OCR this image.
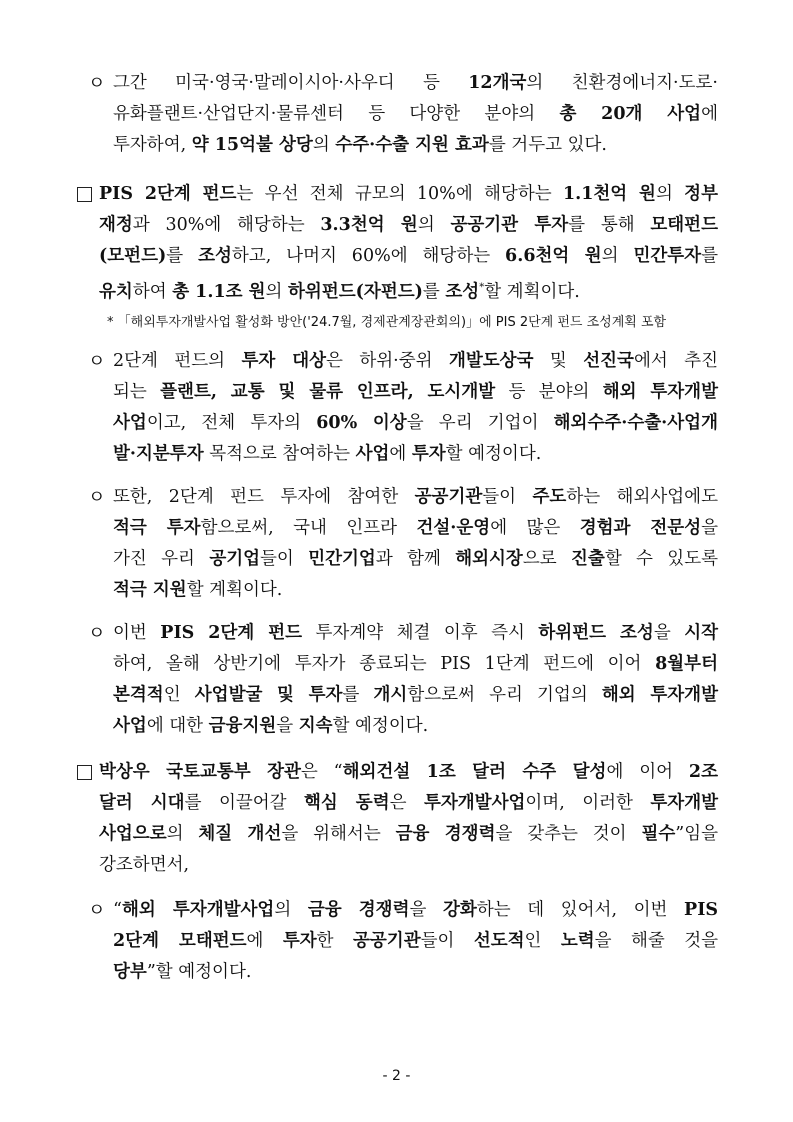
ㅇ 그간 미국·영국·말레이시아·사우디 등 12개국의 친환경에너지·도로·
유화플랜트·산업단지·물류센터 등 다양한 분야의 총 20개 사업에
투자하여, 약 15억불 상당의 수주·수출 지원 효과를 거두고 있다.
PIS 2단계 펀드는 우선 전체 규모의 10%에 해당하는 1.1천억 원의 정부
재정과 30%에 해당하는 3.3천억 원의 공공기관 투자를 통해 모태펀드
(모펀드)를 조성하고, 나머지 60%에 해당하는 6.6천억 원의 민간투자를
유치하여 총 1.1조 원의 하위펀드(자펀드)를 조성*할 계획이다.
* 「해외투자개발사업 활성화 방안('24.7월, 경제관계장관회의)」에 PIS 2단계 펀드 조성계획 포함
ㅇ 2단계 펀드의 투자 대상은 하위·중위 개발도상국 및 선진국에서 추진
되는 플랜트, 교통 및 물류 인프라, 도시개발 등 분야의 해외 투자개발
사업이고, 전체 투자의 60% 이상을 우리 기업이 해외수주·수출·사업개
발·지분투자 목적으로 참여하는 사업에 투자할 예정이다.
ㅇ 또한, 2단계 펀드 투자에 참여한 공공기관들이 주도하는 해외사업에도
적극 투자함으로써, 국내 인프라 건설·운영에 많은 경험과 전문성을
가진 우리 공기업들이 민간기업과 함께 해외시장으로 진출할 수 있도록
적극 지원할 계획이다.
ㅇ 이번 PIS 2단계 펀드 투자계약 체결 이후 즉시 하위펀드 조성을 시작
하여, 올해 상반기에 투자가 종료되는 PIS 1단계 펀드에 이어 8월부터
본격적인 사업발굴 및 투자를 개시함으로써 우리 기업의 해외 투자개발
사업에 대한 금융지원을 지속할 예정이다.
박상우 국토교통부 장관은 “해외건설 1조 달러 수주 달성에 이어 2조
달러 시대를 이끌어갈 핵심 동력은 투자개발사업이며, 이러한 투자개발
사업으로의 체질 개선을 위해서는 금융 경쟁력을 갖추는 것이 필수”임을
강조하면서,
ㅇ “해외 투자개발사업의 금융 경쟁력을 강화하는 데 있어서, 이번 PIS
2단계 모태펀드에 투자한 공공기관들이 선도적인 노력을 해줄 것을
당부”할 예정이다.
- 2 -
